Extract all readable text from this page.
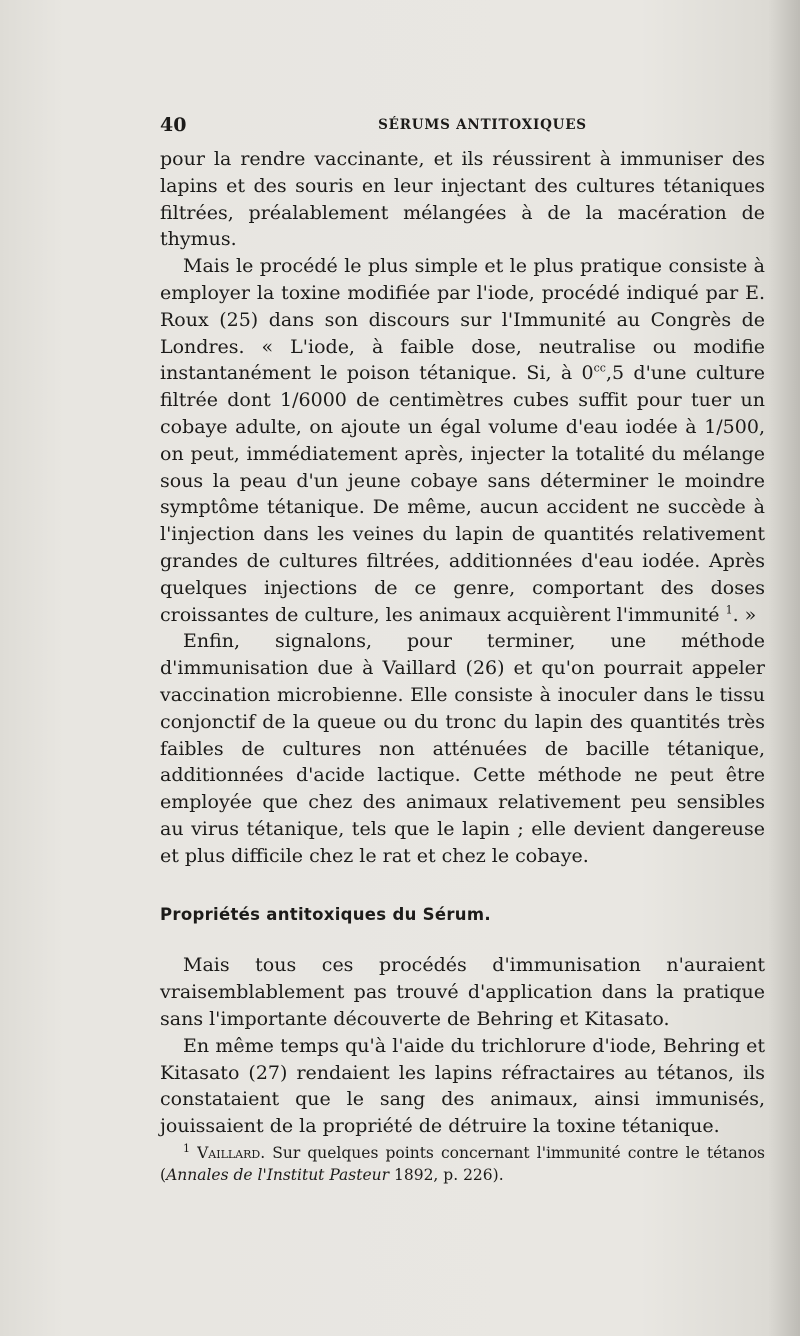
40	SÉRUMS ANTITOXIQUES

pour la rendre vaccinante, et ils réussirent à immuniser des lapins et des souris en leur injectant des cultures tétaniques filtrées, préalablement mélangées à de la macération de thymus.

Mais le procédé le plus simple et le plus pratique consiste à employer la toxine modifiée par l'iode, procédé indiqué par E. Roux (25) dans son discours sur l'Immunité au Congrès de Londres. « L'iode, à faible dose, neutralise ou modifie instantanément le poison tétanique. Si, à $0^{cc},5$ d'une culture filtrée dont 1/6000 de centimètres cubes suffit pour tuer un cobaye adulte, on ajoute un égal volume d'eau iodée à 1/500, on peut, immédiatement après, injecter la totalité du mélange sous la peau d'un jeune cobaye sans déterminer le moindre symptôme tétanique. De même, aucun accident ne succède à l'injection dans les veines du lapin de quantités relativement grandes de cultures filtrées, additionnées d'eau iodée. Après quelques injections de ce genre, comportant des doses croissantes de culture, les animaux acquièrent l'immunité $^1$. »

Enfin, signalons, pour terminer, une méthode d'immunisation due à Vaillard (26) et qu'on pourrait appeler vaccination microbienne. Elle consiste à inoculer dans le tissu conjonctif de la queue ou du tronc du lapin des quantités très faibles de cultures non atténuées de bacille tétanique, additionnées d'acide lactique. Cette méthode ne peut être employée que chez des animaux relativement peu sensibles au virus tétanique, tels que le lapin ; elle devient dangereuse et plus difficile chez le rat et chez le cobaye.

Propriétés antitoxiques du Sérum.

Mais tous ces procédés d'immunisation n'auraient vraisemblablement pas trouvé d'application dans la pratique sans l'importante découverte de Behring et Kitasato.

En même temps qu'à l'aide du trichlorure d'iode, Behring et Kitasato (27) rendaient les lapins réfractaires au tétanos, ils constataient que le sang des animaux, ainsi immunisés, jouissaient de la propriété de détruire la toxine tétanique.

$^1$ Vaillard. Sur quelques points concernant l'immunité contre le tétanos (Annales de l'Institut Pasteur 1892, p. 226).
